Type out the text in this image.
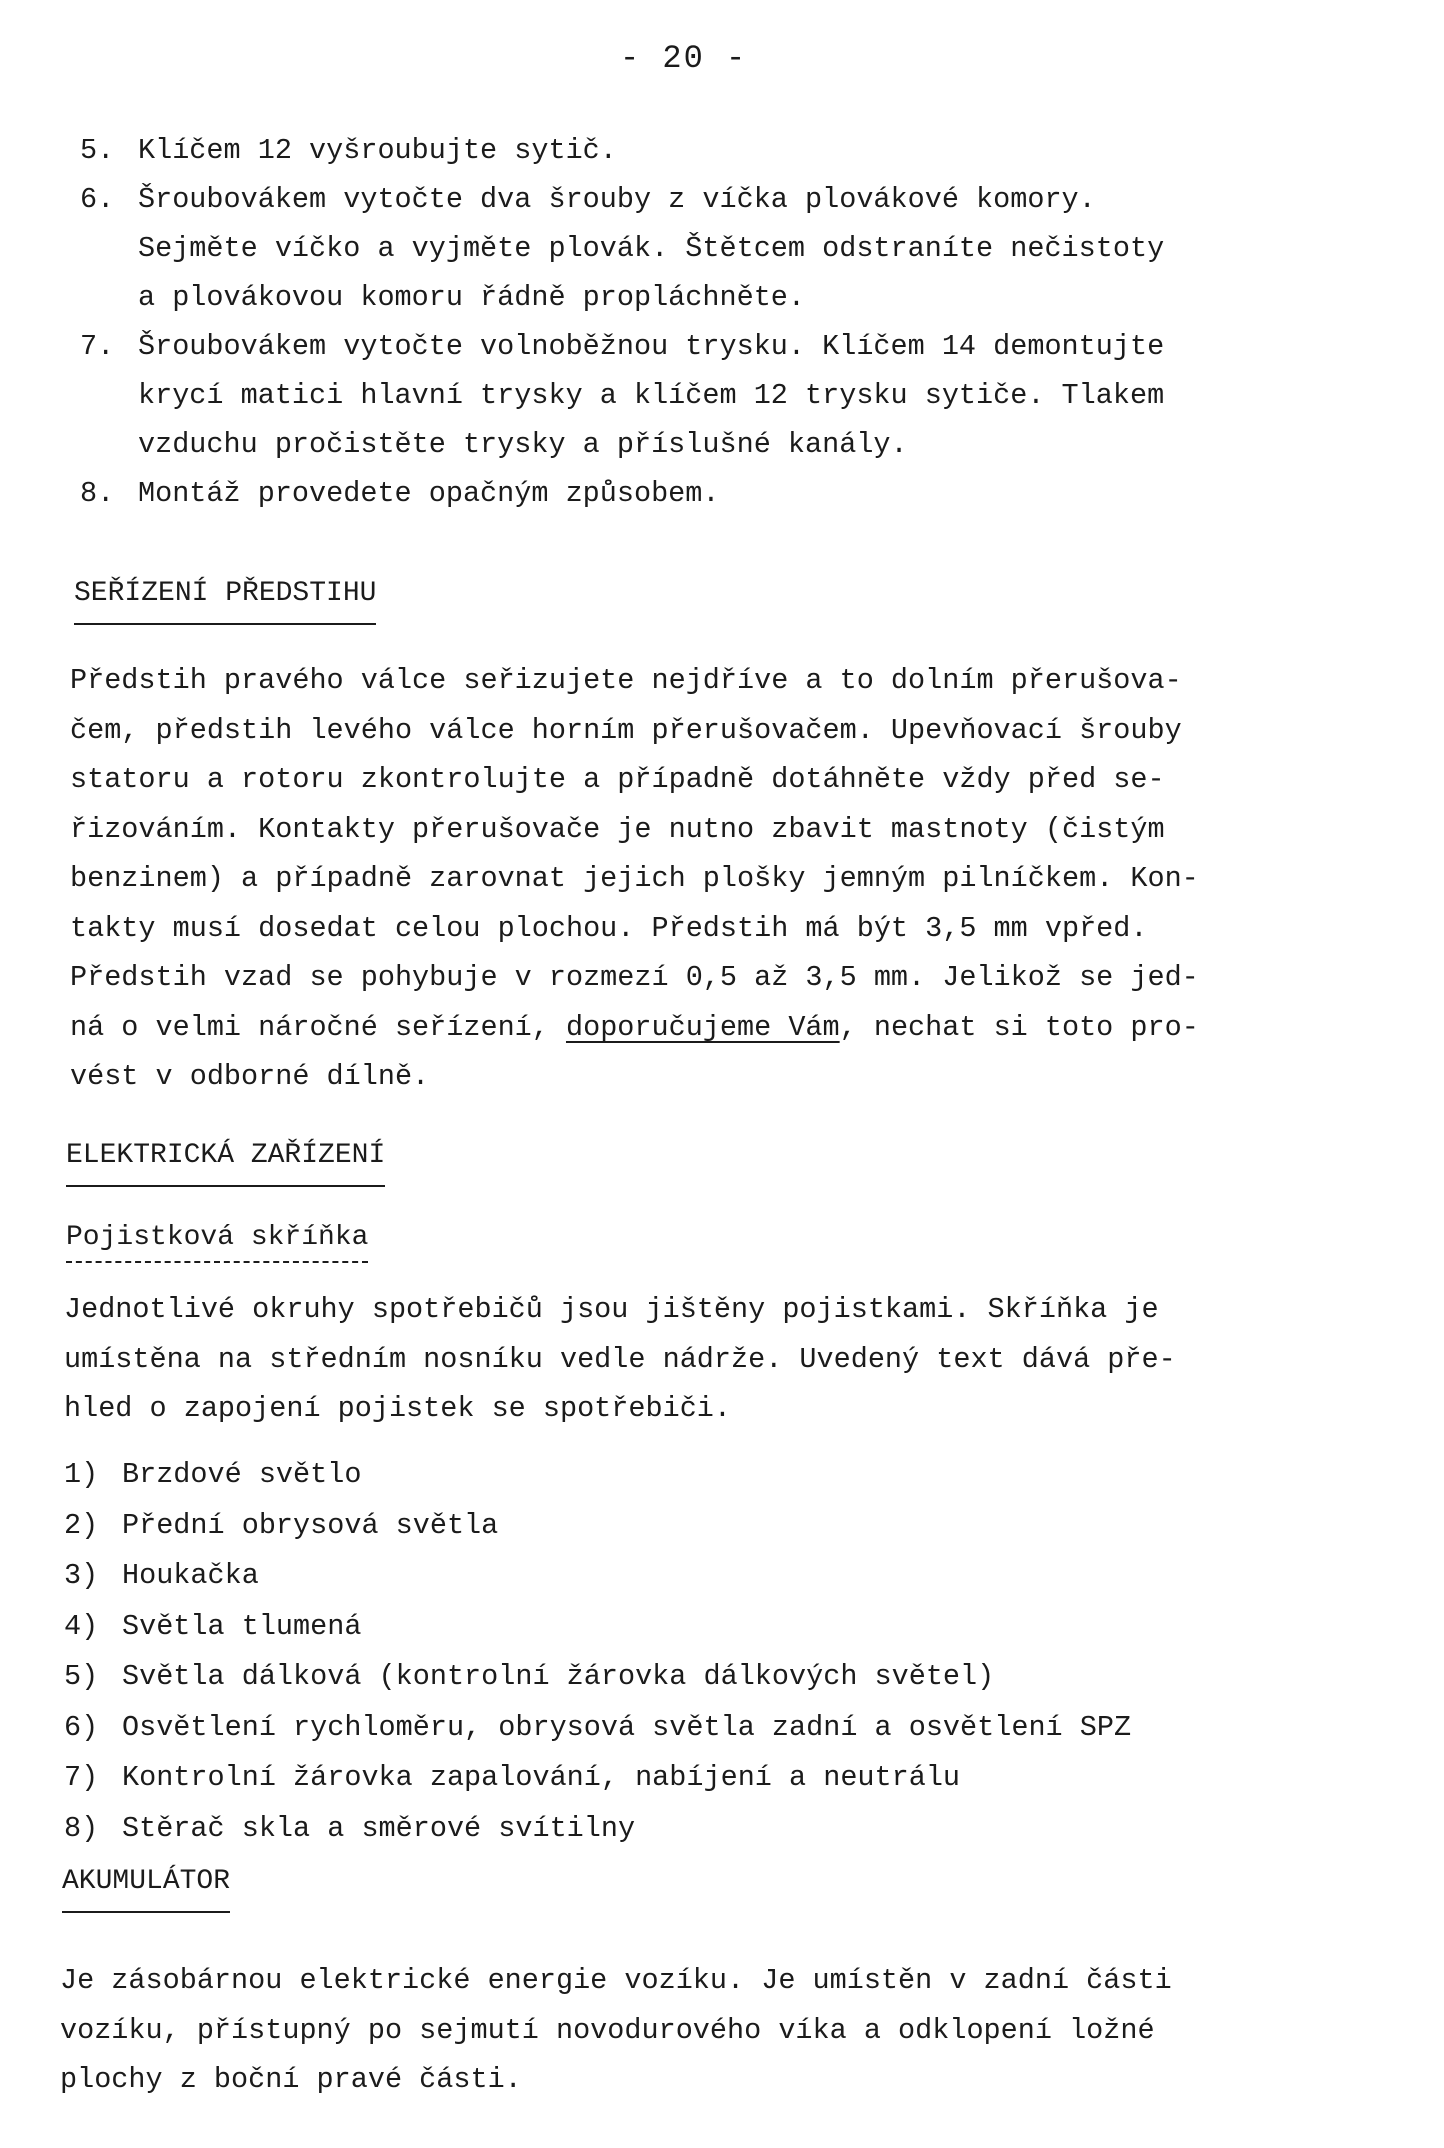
- 20 -
5. Klíčem 12 vyšroubujte sytič.
6. Šroubovákem vytočte dva šrouby z víčka plovákové komory.
Sejměte víčko a vyjměte plovák. Štětcem odstraníte nečistoty
a plovákovou komoru řádně propláchněte.
7. Šroubovákem vytočte volnoběžnou trysku. Klíčem 14 demontujte
krycí matici hlavní trysky a klíčem 12 trysku sytiče. Tlakem
vzduchu pročistěte trysky a příslušné kanály.
8. Montáž provedete opačným způsobem.
SEŘÍZENÍ PŘEDSTIHU
Předstih pravého válce seřizujete nejdříve a to dolním přerušova-
čem, předstih levého válce horním přerušovačem. Upevňovací šrouby
statoru a rotoru zkontrolujte a případně dotáhněte vždy před se-
řizováním. Kontakty přerušovače je nutno zbavit mastnoty (čistým
benzinem) a případně zarovnat jejich plošky jemným pilníčkem. Kon-
takty musí dosedat celou plochou. Předstih má být 3,5 mm vpřed.
Předstih vzad se pohybuje v rozmezí 0,5 až 3,5 mm. Jelikož se jed-
ná o velmi náročné seřízení, doporučujeme Vám, nechat si toto pro-
vést v odborné dílně.
ELEKTRICKÁ ZAŘÍZENÍ
Pojistková skříňka
Jednotlivé okruhy spotřebičů jsou jištěny pojistkami. Skříňka je
umístěna na středním nosníku vedle nádrže. Uvedený text dává pře-
hled o zapojení pojistek se spotřebiči.
1) Brzdové světlo
2) Přední obrysová světla
3) Houkačka
4) Světla tlumená
5) Světla dálková (kontrolní žárovka dálkových světel)
6) Osvětlení rychloměru, obrysová světla zadní a osvětlení SPZ
7) Kontrolní žárovka zapalování, nabíjení a neutrálu
8) Stěrač skla a směrové svítilny
AKUMULÁTOR
Je zásobárnou elektrické energie vozíku. Je umístěn v zadní části
vozíku, přístupný po sejmutí novodurového víka a odklopení ložné
plochy z boční pravé části.
